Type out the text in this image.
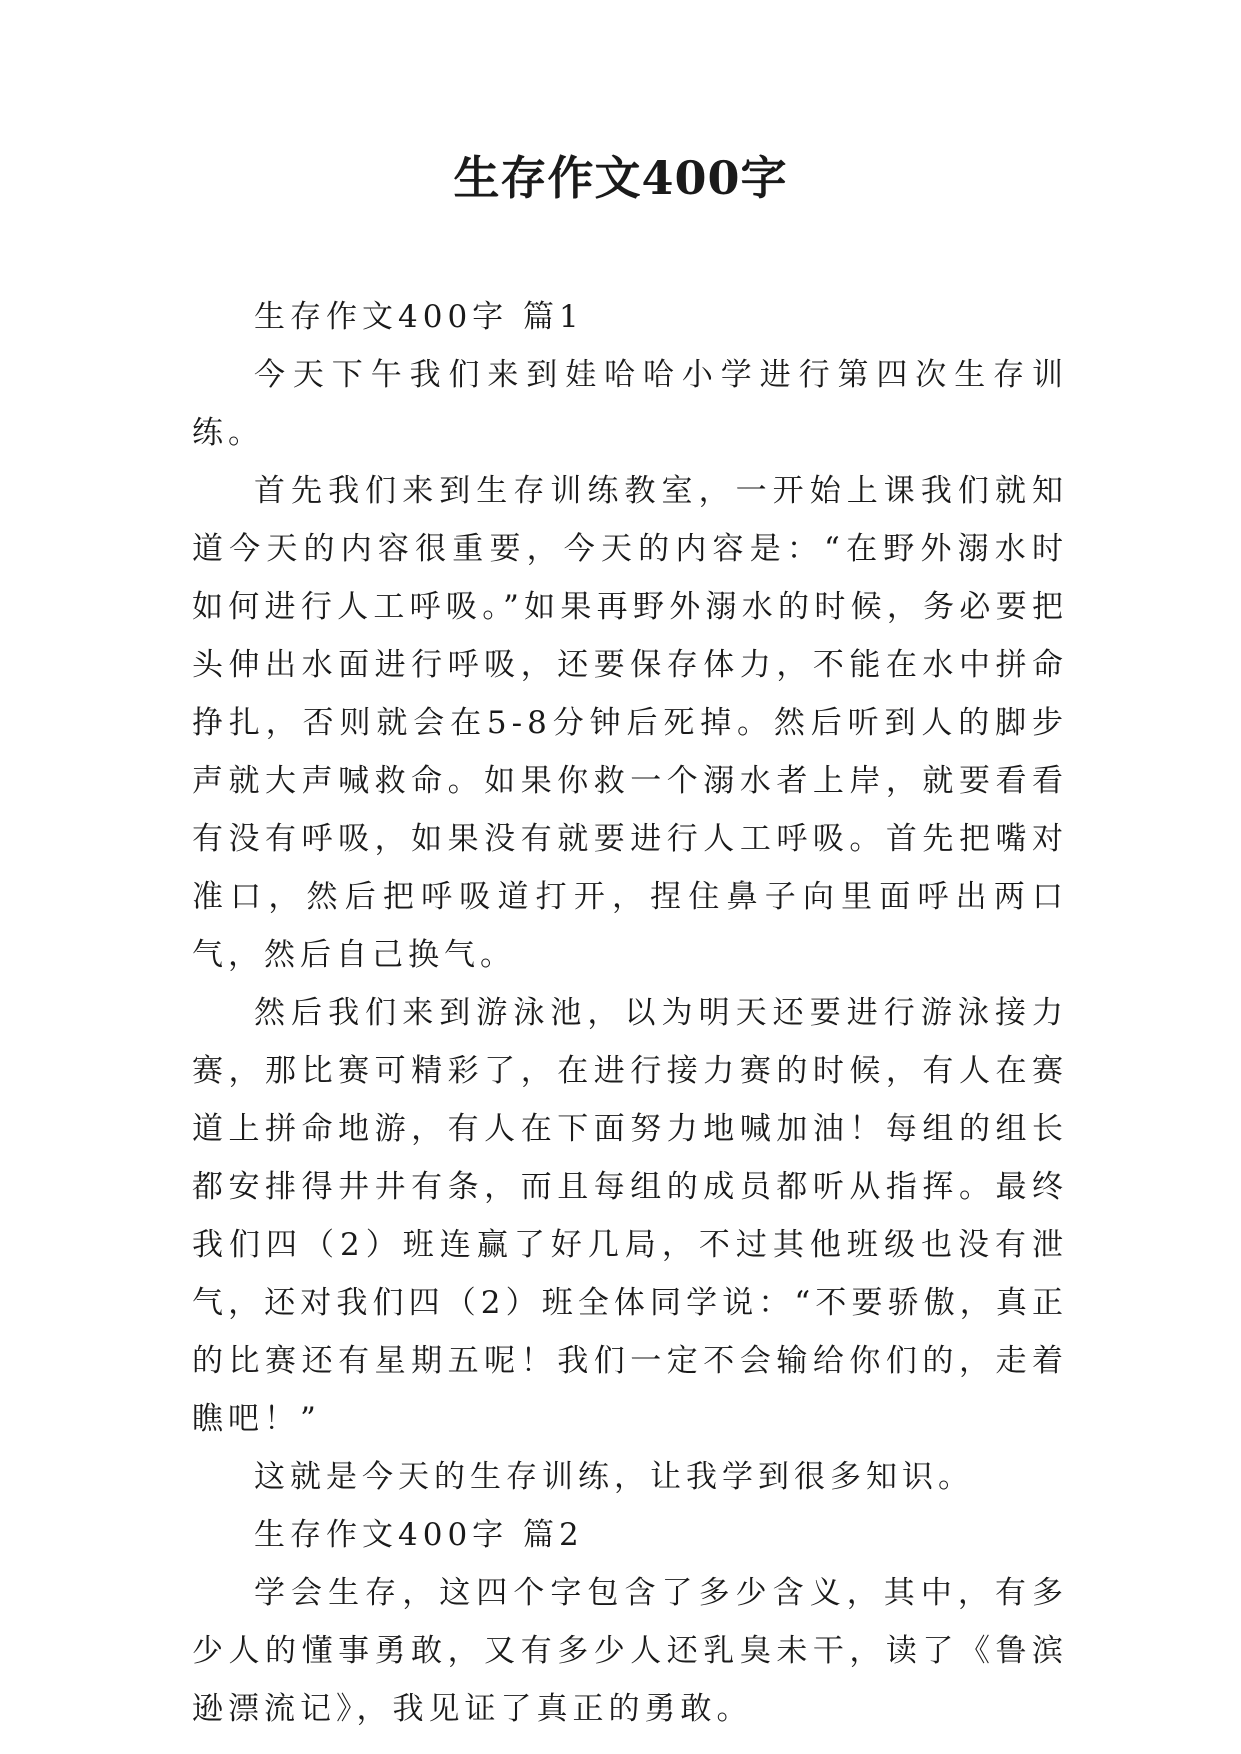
生存作文400字

生存作文400字 篇1

今天下午我们来到娃哈哈小学进行第四次生存训练。

首先我们来到生存训练教室，一开始上课我们就知道今天的内容很重要，今天的内容是：“在野外溺水时如何进行人工呼吸。”如果再野外溺水的时候，务必要把头伸出水面进行呼吸，还要保存体力，不能在水中拼命挣扎，否则就会在5-8分钟后死掉。然后听到人的脚步声就大声喊救命。如果你救一个溺水者上岸，就要看看有没有呼吸，如果没有就要进行人工呼吸。首先把嘴对准口，然后把呼吸道打开，捏住鼻子向里面呼出两口气，然后自己换气。

然后我们来到游泳池，以为明天还要进行游泳接力赛，那比赛可精彩了，在进行接力赛的时候，有人在赛道上拼命地游，有人在下面努力地喊加油！每组的组长都安排得井井有条，而且每组的成员都听从指挥。最终我们四（2）班连赢了好几局，不过其他班级也没有泄气，还对我们四（2）班全体同学说：“不要骄傲，真正的比赛还有星期五呢！我们一定不会输给你们的，走着瞧吧！”

这就是今天的生存训练，让我学到很多知识。

生存作文400字 篇2

学会生存，这四个字包含了多少含义，其中，有多少人的懂事勇敢，又有多少人还乳臭未干，读了《鲁滨逊漂流记》，我见证了真正的勇敢。
